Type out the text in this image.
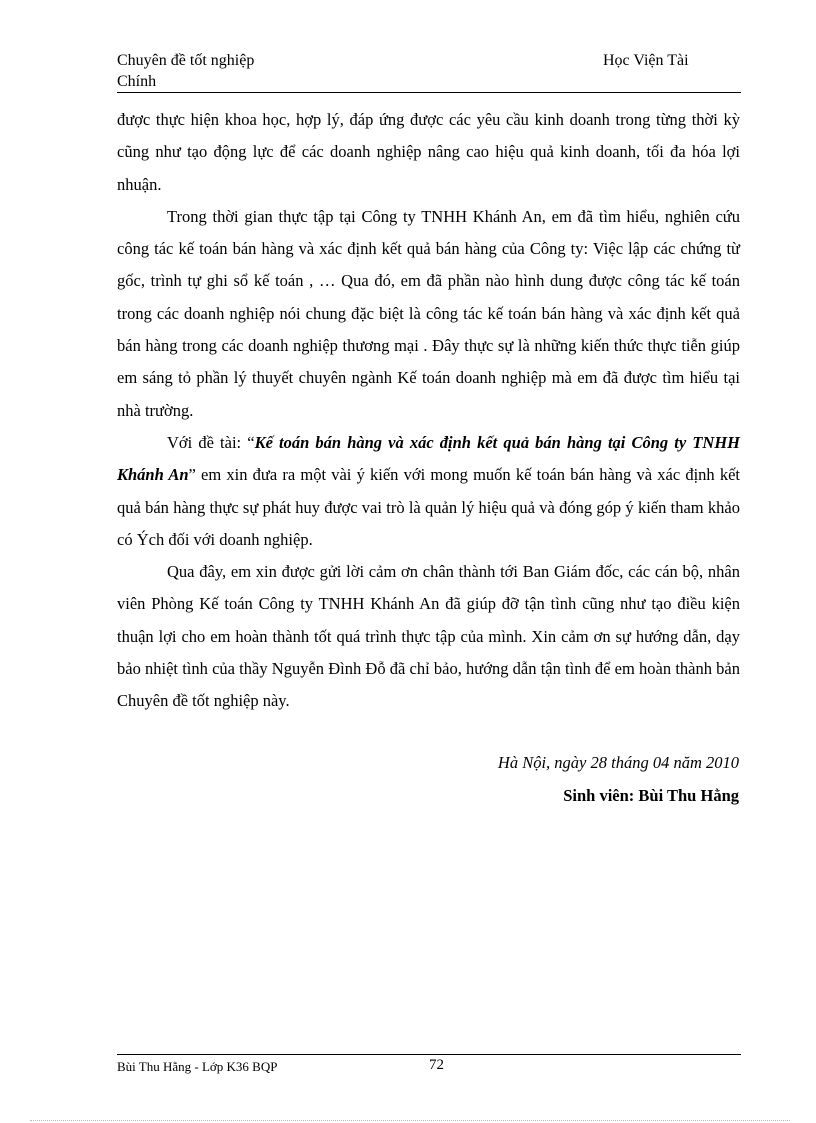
Chuyên đề tốt nghiệp
Chính
Học Viện Tài

được thực hiện khoa học, hợp lý, đáp ứng được các yêu cầu kinh doanh trong từng thời kỳ cũng như tạo động lực để các doanh nghiệp nâng cao hiệu quả kinh doanh, tối đa hóa lợi nhuận.

Trong thời gian thực tập tại Công ty TNHH Khánh An, em đã tìm hiểu, nghiên cứu công tác kế toán bán hàng và xác định kết quả bán hàng của Công ty: Việc lập các chứng từ gốc, trình tự ghi sổ kế toán , … Qua đó, em đã phần nào hình dung được công tác kế toán trong các doanh nghiệp nói chung đặc biệt là công tác kế toán bán hàng và xác định kết quả bán hàng trong các doanh nghiệp thương mại . Đây thực sự là những kiến thức thực tiễn giúp em sáng tỏ phần lý thuyết chuyên ngành Kế toán doanh nghiệp mà em đã được tìm hiểu tại nhà trường.

Với đề tài: “Kế toán bán hàng và xác định kết quả bán hàng tại Công ty TNHH Khánh An” em xin đưa ra một vài ý kiến với mong muốn kế toán bán hàng và xác định kết quả bán hàng thực sự phát huy được vai trò là quản lý hiệu quả và đóng góp ý kiến tham khảo có Ých đối với doanh nghiệp.

Qua đây, em xin được gửi lời cảm ơn chân thành tới Ban Giám đốc, các cán bộ, nhân viên Phòng Kế toán Công ty TNHH Khánh An đã giúp đỡ tận tình cũng như tạo điều kiện thuận lợi cho em hoàn thành tốt quá trình thực tập của mình. Xin cảm ơn sự hướng dẫn, dạy bảo nhiệt tình của thầy Nguyễn Đình Đỗ đã chỉ bảo, hướng dẫn tận tình để em hoàn thành bản Chuyên đề tốt nghiệp này.

Hà Nội, ngày 28 tháng 04 năm 2010
Sinh viên: Bùi Thu Hằng
Bùi Thu Hằng - Lớp K36 BQP	72
